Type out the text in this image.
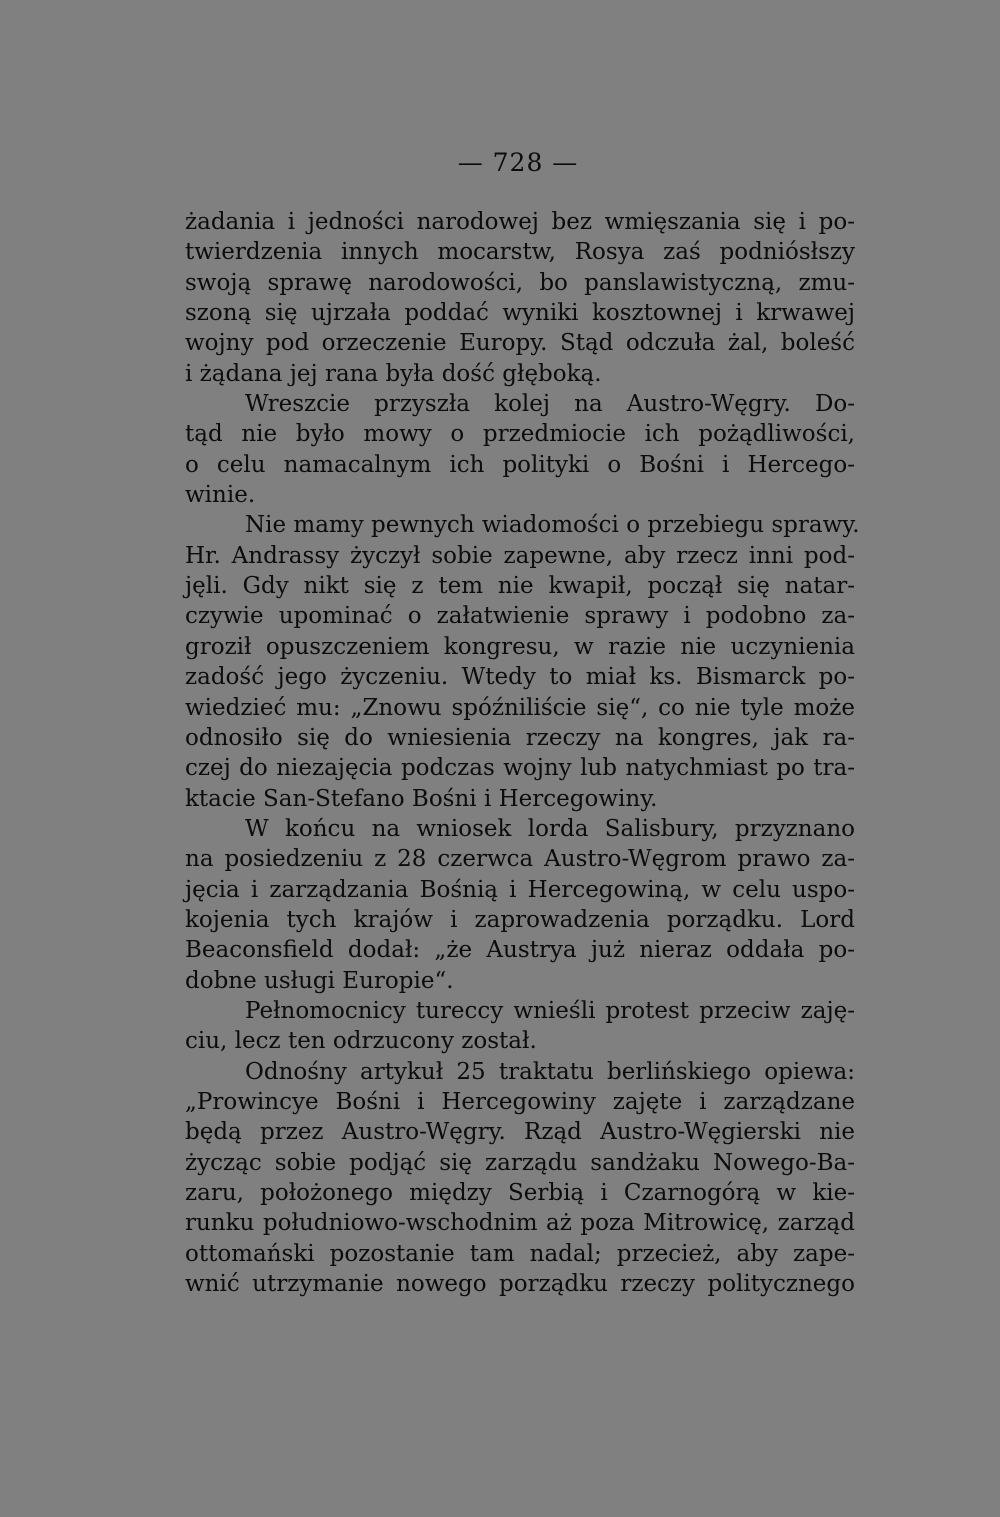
— 728 —
żadania i jedności narodowej bez wmięszania się i po-
twierdzenia innych mocarstw, Rosya zaś podniósłszy
swoją sprawę narodowości, bo panslawistyczną, zmu-
szoną się ujrzała poddać wyniki kosztownej i krwawej
wojny pod orzeczenie Europy. Stąd odczuła żal, boleść
i żądana jej rana była dość głęboką.
Wreszcie przyszła kolej na Austro-Węgry. Do-
tąd nie było mowy o przedmiocie ich pożądliwości,
o celu namacalnym ich polityki o Bośni i Hercego-
winie.
Nie mamy pewnych wiadomości o przebiegu sprawy.
Hr. Andrassy życzył sobie zapewne, aby rzecz inni pod-
jęli. Gdy nikt się z tem nie kwapił, począł się natar-
czywie upominać o załatwienie sprawy i podobno za-
groził opuszczeniem kongresu, w razie nie uczynienia
zadość jego życzeniu. Wtedy to miał ks. Bismarck po-
wiedzieć mu: „Znowu spóźniliście się“, co nie tyle może
odnosiło się do wniesienia rzeczy na kongres, jak ra-
czej do niezajęcia podczas wojny lub natychmiast po tra-
ktacie San-Stefano Bośni i Hercegowiny.
W końcu na wniosek lorda Salisbury, przyznano
na posiedzeniu z 28 czerwca Austro-Węgrom prawo za-
jęcia i zarządzania Bośnią i Hercegowiną, w celu uspo-
kojenia tych krajów i zaprowadzenia porządku. Lord
Beaconsfield dodał: „że Austrya już nieraz oddała po-
dobne usługi Europie“.
Pełnomocnicy tureccy wnieśli protest przeciw zaję-
ciu, lecz ten odrzucony został.
Odnośny artykuł 25 traktatu berlińskiego opiewa:
„Prowincye Bośni i Hercegowiny zajęte i zarządzane
będą przez Austro-Węgry. Rząd Austro-Węgierski nie
życząc sobie podjąć się zarządu sandżaku Nowego-Ba-
zaru, położonego między Serbią i Czarnogórą w kie-
runku południowo-wschodnim aż poza Mitrowicę, zarząd
ottomański pozostanie tam nadal; przecież, aby zape-
wnić utrzymanie nowego porządku rzeczy politycznego
